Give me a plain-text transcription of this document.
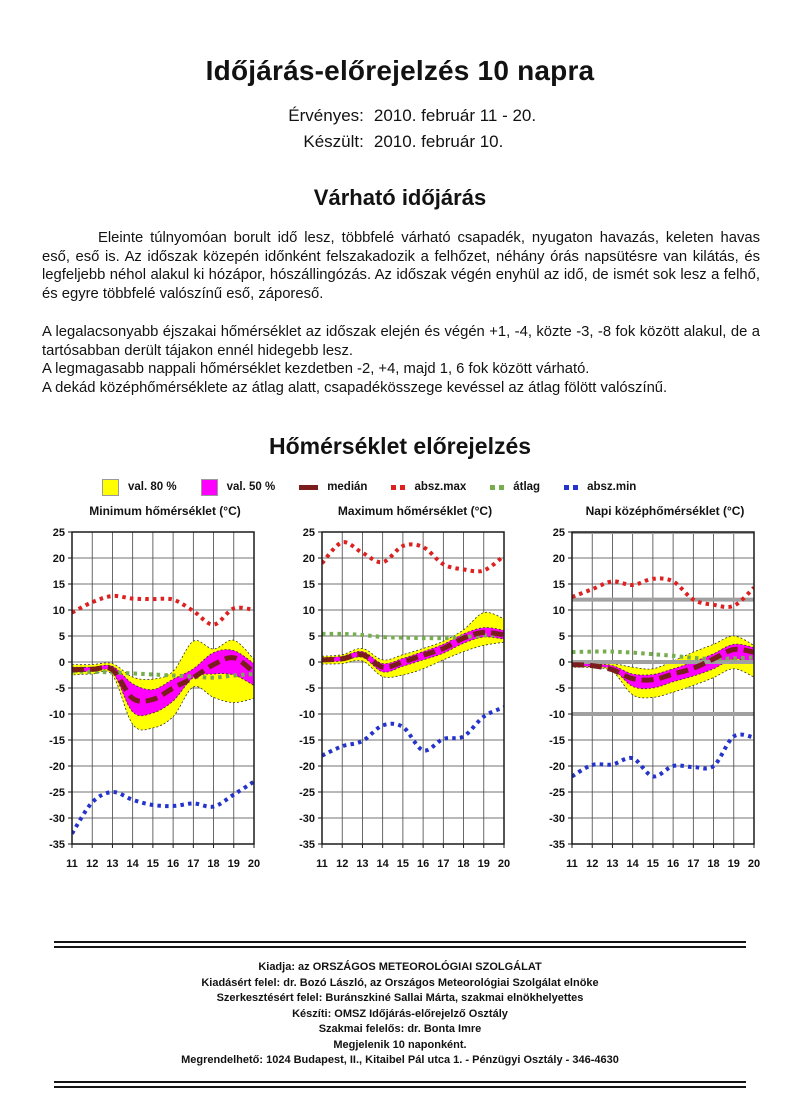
Időjárás-előrejelzés 10 napra
Érvényes: 2010. február 11 - 20.
Készült: 2010. február 10.
Várható időjárás

Eleinte túlnyomóan borult idő lesz, többfelé várható csapadék, nyugaton havazás, keleten havas eső, eső is. Az időszak közepén időnként felszakadozik a felhőzet, néhány órás napsütésre van kilátás, és legfeljebb néhol alakul ki hózápor, hószállingózás. Az időszak végén enyhül az idő, de ismét sok lesz a felhő, és egyre többfelé valószínű eső, záporeső.

A legalacsonyabb éjszakai hőmérséklet az időszak elején és végén +1, -4, közte -3, -8 fok között alakul, de a tartósabban derült tájakon ennél hidegebb lesz.

A legmagasabb nappali hőmérséklet kezdetben -2, +4, majd 1, 6 fok között várható.

A dekád középhőmérséklete az átlag alatt, csapadékösszege kevéssel az átlag fölött valószínű.

Hőmérséklet előrejelzés
val. 80 %	val. 50 %	medián	absz.max	átlag	absz.min
Minimum hőmérséklet (°C)
-35
-30
-25
-20
-15
-10
-5
0
5
10
15
20
25
11 12 13 14 15 16 17 18 19 20
Maximum hőmérséklet (°C)
-35
-30
-25
-20
-15
-10
-5
0
5
10
15
20
25
11 12 13 14 15 16 17 18 19 20
Napi középhőmérséklet (°C)
-35
-30
-25
-20
-15
-10
-5
0
5
10
15
20
25
11 12 13 14 15 16 17 18 19 20
Kiadja: az ORSZÁGOS METEOROLÓGIAI SZOLGÁLAT
Kiadásért felel: dr. Bozó László, az Országos Meteorológiai Szolgálat elnöke
Szerkesztésért felel: Buránszkiné Sallai Márta, szakmai elnökhelyettes
Készíti: OMSZ Időjárás-előrejelző Osztály
Szakmai felelős: dr. Bonta Imre
Megjelenik 10 naponként.
Megrendelhető: 1024 Budapest, II., Kitaibel Pál utca 1. - Pénzügyi Osztály - 346-4630
